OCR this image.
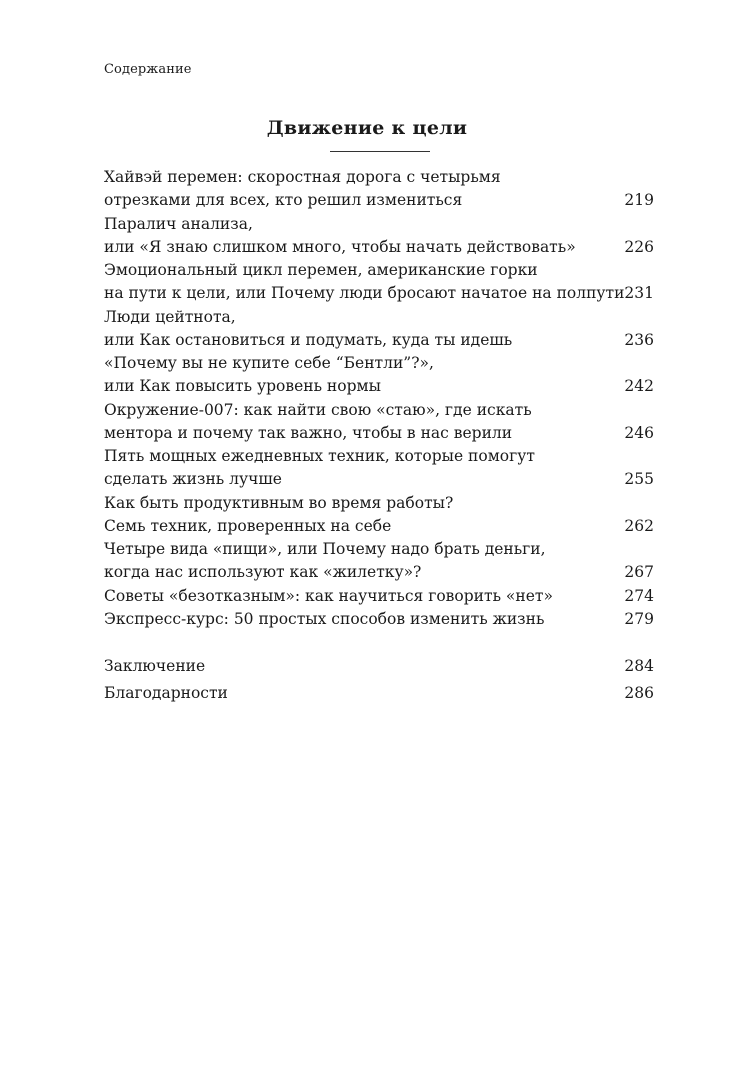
Содержание
Движение к цели
Хайвэй перемен: скоростная дорога с четырьмя
отрезками для всех, кто решил измениться	219
Паралич анализа,
или «Я знаю слишком много, чтобы начать действовать»	226
Эмоциональный цикл перемен, американские горки
на пути к цели, или Почему люди бросают начатое на полпути 231
Люди цейтнота,
или Как остановиться и подумать, куда ты идешь	236
«Почему вы не купите себе “Бентли”?»,
или Как повысить уровень нормы	242
Окружение-007: как найти свою «стаю», где искать
ментора и почему так важно, чтобы в нас верили	246
Пять мощных ежедневных техник, которые помогут
сделать жизнь лучше	255
Как быть продуктивным во время работы?
Семь техник, проверенных на себе	262
Четыре вида «пищи», или Почему надо брать деньги,
когда нас используют как «жилетку»?	267
Советы «безотказным»: как научиться говорить «нет»	274
Экспресс-курс: 50 простых способов изменить жизнь	279
Заключение	284
Благодарности	286
